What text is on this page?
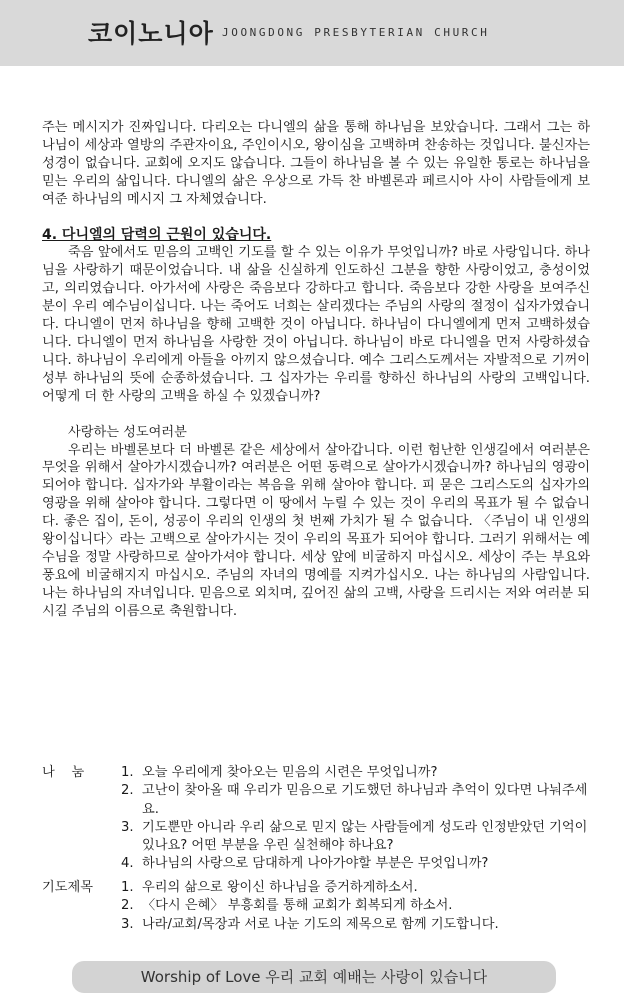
코이노니아 JOONGDONG PRESBYTERIAN CHURCH

주는 메시지가 진짜입니다. 다리오는 다니엘의 삶을 통해 하나님을 보았습니다. 그래서 그는 하나님이 세상과 열방의 주관자이요, 주인이시오, 왕이심을 고백하며 찬송하는 것입니다. 불신자는 성경이 없습니다. 교회에 오지도 않습니다. 그들이 하나님을 볼 수 있는 유일한 통로는 하나님을 믿는 우리의 삶입니다. 다니엘의 삶은 우상으로 가득 찬 바벨론과 페르시아 사이 사람들에게 보여준 하나님의 메시지 그 자체였습니다.

4. 다니엘의 담력의 근원이 있습니다.

죽음 앞에서도 믿음의 고백인 기도를 할 수 있는 이유가 무엇입니까? 바로 사랑입니다. 하나님을 사랑하기 때문이었습니다. 내 삶을 신실하게 인도하신 그분을 향한 사랑이었고, 충성이었고, 의리였습니다. 아가서에 사랑은 죽음보다 강하다고 합니다. 죽음보다 강한 사랑을 보여주신 분이 우리 예수님이십니다. 나는 죽어도 너희는 살리겠다는 주님의 사랑의 절정이 십자가였습니다. 다니엘이 먼저 하나님을 향해 고백한 것이 아닙니다. 하나님이 다니엘에게 먼저 고백하셨습니다. 다니엘이 먼저 하나님을 사랑한 것이 아닙니다. 하나님이 바로 다니엘을 먼저 사랑하셨습니다. 하나님이 우리에게 아들을 아끼지 않으셨습니다. 예수 그리스도께서는 자발적으로 기꺼이 성부 하나님의 뜻에 순종하셨습니다. 그 십자가는 우리를 향하신 하나님의 사랑의 고백입니다. 어떻게 더 한 사랑의 고백을 하실 수 있겠습니까?

사랑하는 성도여러분

우리는 바벨론보다 더 바벨론 같은 세상에서 살아갑니다. 이런 험난한 인생길에서 여러분은 무엇을 위해서 살아가시겠습니까? 여러분은 어떤 동력으로 살아가시겠습니까? 하나님의 영광이 되어야 합니다. 십자가와 부활이라는 복음을 위해 살아야 합니다. 피 묻은 그리스도의 십자가의 영광을 위해 살아야 합니다. 그렇다면 이 땅에서 누릴 수 있는 것이 우리의 목표가 될 수 없습니다. 좋은 집이, 돈이, 성공이 우리의 인생의 첫 번째 가치가 될 수 없습니다. 〈주님이 내 인생의 왕이십니다〉라는 고백으로 살아가시는 것이 우리의 목표가 되어야 합니다. 그러기 위해서는 예수님을 정말 사랑하므로 살아가셔야 합니다. 세상 앞에 비굴하지 마십시오. 세상이 주는 부요와 풍요에 비굴해지지 마십시오. 주님의 자녀의 명예를 지켜가십시오. 나는 하나님의 사람입니다. 나는 하나님의 자녀입니다. 믿음으로 외치며, 깊어진 삶의 고백, 사랑을 드리시는 저와 여러분 되시길 주님의 이름으로 축원합니다.

나    눔	1. 오늘 우리에게 찾아오는 믿음의 시련은 무엇입니까?
2. 고난이 찾아올 때 우리가 믿음으로 기도했던 하나님과 추억이 있다면 나눠주세요.
3. 기도뿐만 아니라 우리 삶으로 믿지 않는 사람들에게 성도라 인정받았던 기억이 있나요? 어떤 부분을 우린 실천해야 하나요?
4. 하나님의 사랑으로 담대하게 나아가야할 부분은 무엇입니까?
기도제목 1. 우리의 삶으로 왕이신 하나님을 증거하게하소서.
2. 〈다시 은혜〉 부흥회를 통해 교회가 회복되게 하소서.
3. 나라/교회/목장과 서로 나눈 기도의 제목으로 함께 기도합니다.
Worship of Love 우리 교회 예배는 사랑이 있습니다
